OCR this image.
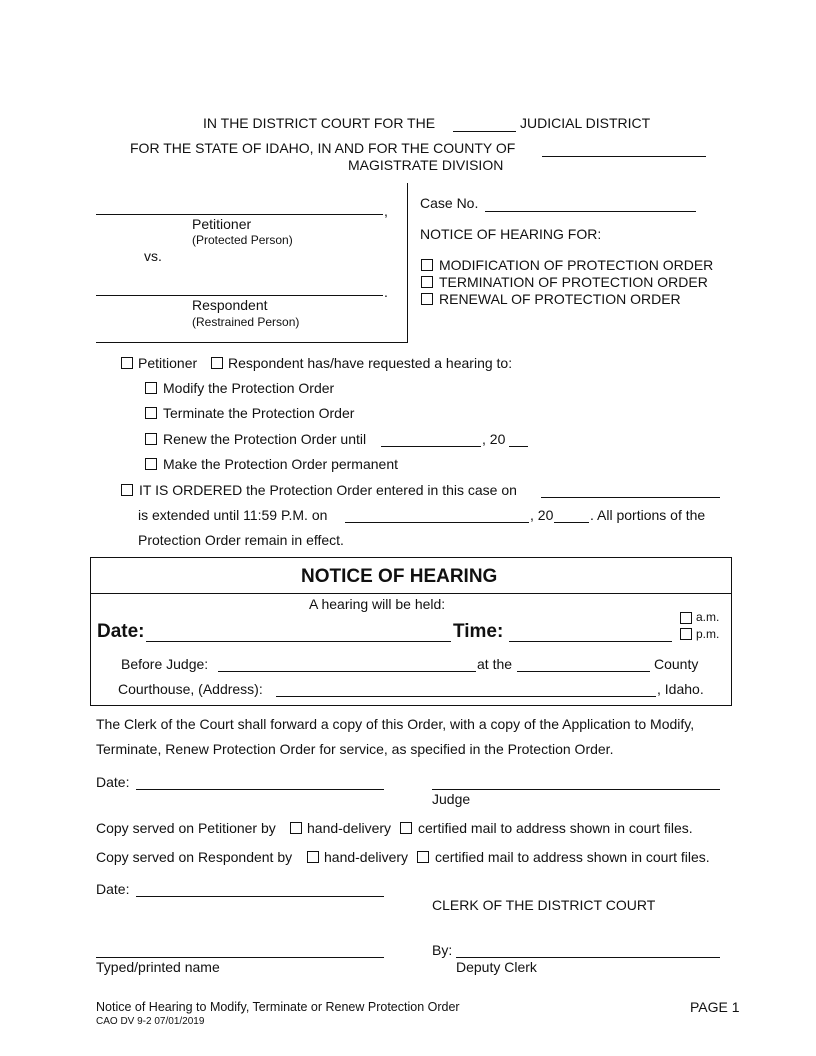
IN THE DISTRICT COURT FOR THE	JUDICIAL DISTRICT
FOR THE STATE OF IDAHO, IN AND FOR THE COUNTY OF
MAGISTRATE DIVISION
,
Petitioner
(Protected Person)
vs.
.
Respondent
(Restrained Person)
Case No.
NOTICE OF HEARING FOR:
MODIFICATION OF PROTECTION ORDER
TERMINATION OF PROTECTION ORDER
RENEWAL OF PROTECTION ORDER
Petitioner Respondent has/have requested a hearing to:
Modify the Protection Order
Terminate the Protection Order
Renew the Protection Order until	, 20
Make the Protection Order permanent
IT IS ORDERED the Protection Order entered in this case on
is extended until 11:59 P.M. on	, 20	. All portions of the
Protection Order remain in effect.
NOTICE OF HEARING
A hearing will be held:
Date:	Time:
a.m.
p.m.
Before Judge:	at the	County
Courthouse, (Address):	, Idaho.
The Clerk of the Court shall forward a copy of this Order, with a copy of the Application to Modify,
Terminate, Renew Protection Order for service, as specified in the Protection Order.
Date:
Judge
Copy served on Petitioner by hand-delivery certified mail to address shown in court files.
Copy served on Respondent by hand-delivery certified mail to address shown in court files.
Date:
CLERK OF THE DISTRICT COURT
Typed/printed name
By:
Deputy Clerk
Notice of Hearing to Modify, Terminate or Renew Protection Order
CAO DV 9-2 07/01/2019
PAGE 1
